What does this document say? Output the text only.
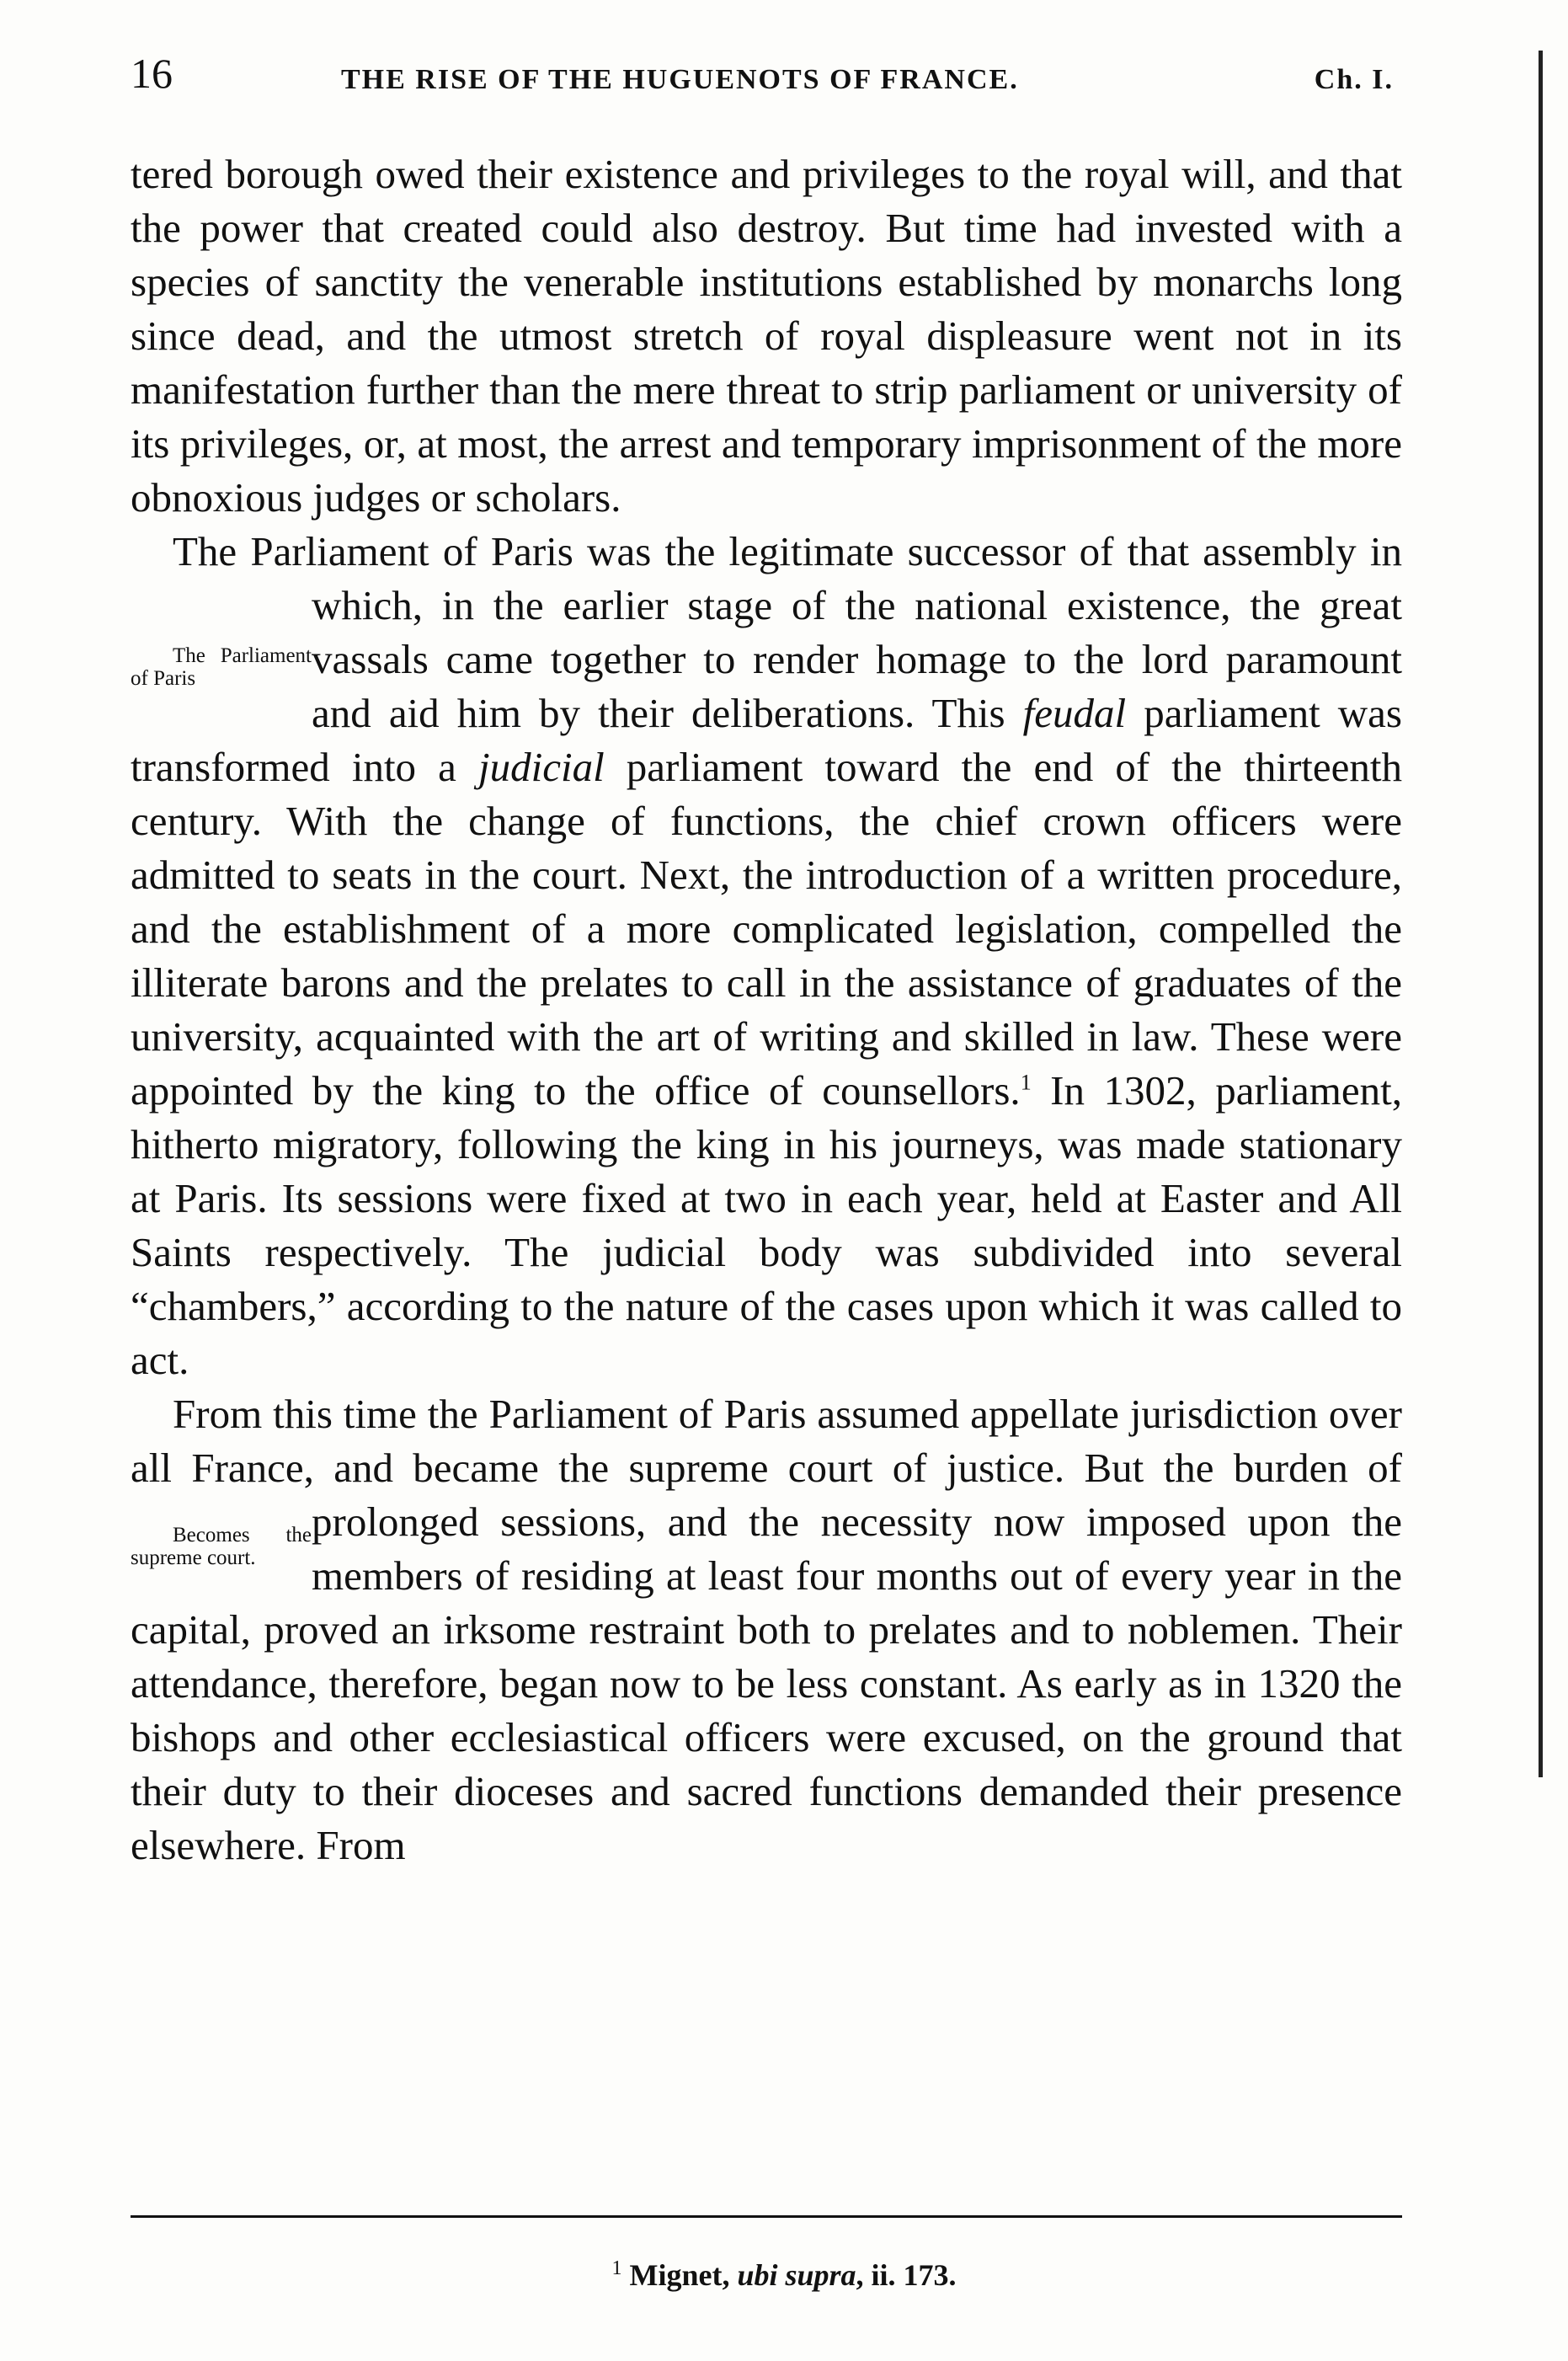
16	THE RISE OF THE HUGUENOTS OF FRANCE.	Ch. I.

tered borough owed their existence and privileges to the royal will, and that the power that created could also destroy. But time had invested with a species of sanctity the venerable institutions established by monarchs long since dead, and the utmost stretch of royal displeasure went not in its manifestation further than the mere threat to strip parliament or university of its privileges, or, at most, the arrest and temporary imprisonment of the more obnoxious judges or scholars.

The Parliament of Paris
The Parliament of Paris was the legitimate successor of that assembly in which, in the earlier stage of the national existence, the great vassals came together to render homage to the lord paramount and aid him by their deliberations. This feudal parliament was transformed into a judicial parliament toward the end of the thirteenth century. With the change of functions, the chief crown officers were admitted to seats in the court. Next, the introduction of a written procedure, and the establishment of a more complicated legislation, compelled the illiterate barons and the prelates to call in the assistance of graduates of the university, acquainted with the art of writing and skilled in law. These were appointed by the king to the office of counsellors.$^1$ In 1302, parliament, hitherto migratory, following the king in his journeys, was made stationary at Paris. Its sessions were fixed at two in each year, held at Easter and All Saints respectively. The judicial body was subdivided into several “chambers,” according to the nature of the cases upon which it was called to act.

Becomes the supreme court.
From this time the Parliament of Paris assumed appellate jurisdiction over all France, and became the supreme court of justice. But the burden of prolonged sessions, and the necessity now imposed upon the members of residing at least four months out of every year in the capital, proved an irksome restraint both to prelates and to noblemen. Their attendance, therefore, began now to be less constant. As early as in 1320 the bishops and other ecclesiastical officers were excused, on the ground that their duty to their dioceses and sacred functions demanded their presence elsewhere. From

$^1$ Mignet, ubi supra, ii. 173.
